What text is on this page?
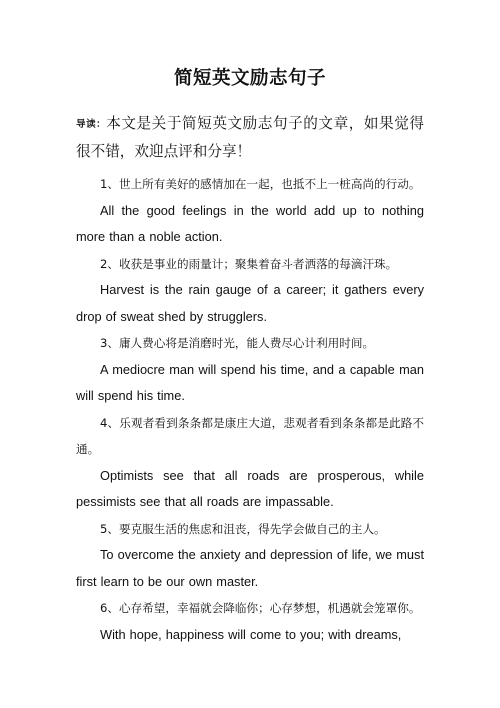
简短英文励志句子
导读：本文是关于简短英文励志句子的文章，如果觉得很不错，欢迎点评和分享！

1、世上所有美好的感情加在一起，也抵不上一桩高尚的行动。

All the good feelings in the world add up to nothing more than a noble action.

2、收获是事业的雨量计；聚集着奋斗者洒落的每滴汗珠。

Harvest is the rain gauge of a career; it gathers every drop of sweat shed by strugglers.

3、庸人费心将是消磨时光，能人费尽心计利用时间。

A mediocre man will spend his time, and a capable man will spend his time.

4、乐观者看到条条都是康庄大道，悲观者看到条条都是此路不通。

Optimists see that all roads are prosperous, while pessimists see that all roads are impassable.

5、要克服生活的焦虑和沮丧，得先学会做自己的主人。

To overcome the anxiety and depression of life, we must first learn to be our own master.

6、心存希望，幸福就会降临你；心存梦想，机遇就会笼罩你。

With hope, happiness will come to you; with dreams,
